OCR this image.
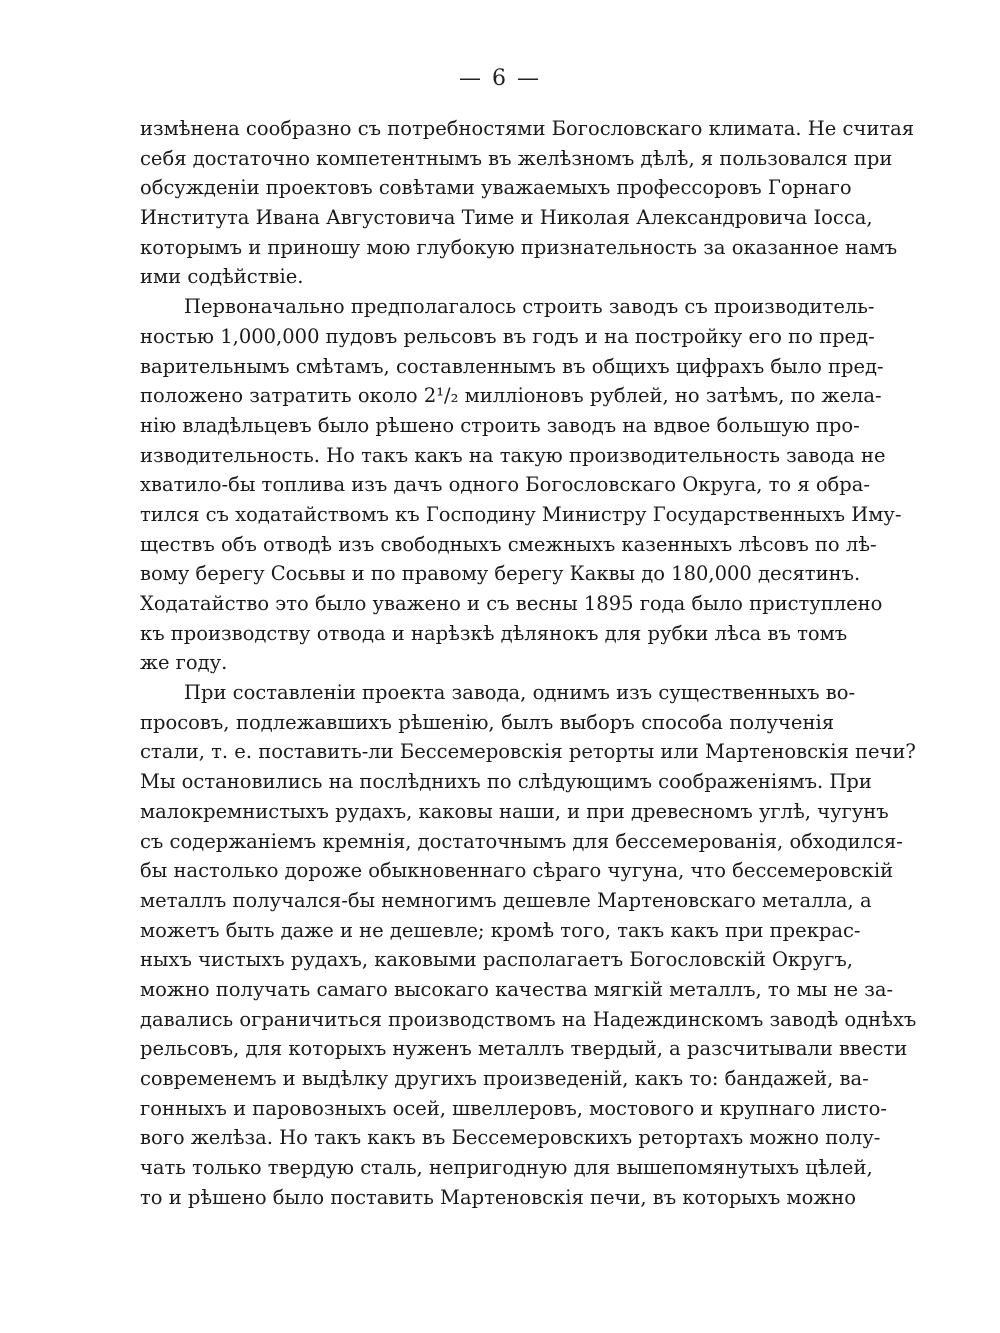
— 6 —

измѣнена сообразно съ потребностями Богословскаго климата. Не считая
себя достаточно компетентнымъ въ желѣзномъ дѣлѣ, я пользовался при
обсужденіи проектовъ совѣтами уважаемыхъ профессоровъ Горнаго
Института Ивана Августовича Тиме и Николая Александровича Іосса,
которымъ и приношу мою глубокую признательность за оказанное намъ
ими содѣйствіе.

Первоначально предполагалось строить заводъ съ производитель-
ностью 1,000,000 пудовъ рельсовъ въ годъ и на постройку его по пред-
варительнымъ смѣтамъ, составленнымъ въ общихъ цифрахъ было пред-
положено затратить около 2¹/₂ милліоновъ рублей, но затѣмъ, по жела-
нію владѣльцевъ было рѣшено строить заводъ на вдвое большую про-
изводительность. Но такъ какъ на такую производительность завода не
хватило-бы топлива изъ дачъ одного Богословскаго Округа, то я обра-
тился съ ходатайствомъ къ Господину Министру Государственныхъ Иму-
ществъ объ отводѣ изъ свободныхъ смежныхъ казенныхъ лѣсовъ по лѣ-
вому берегу Сосьвы и по правому берегу Каквы до 180,000 десятинъ.
Ходатайство это было уважено и съ весны 1895 года было приступлено
къ производству отвода и нарѣзкѣ дѣлянокъ для рубки лѣса въ томъ
же году.

При составленіи проекта завода, однимъ изъ существенныхъ во-
просовъ, подлежавшихъ рѣшенію, былъ выборъ способа полученія
стали, т. е. поставить-ли Бессемеровскія реторты или Мартеновскія печи?
Мы остановились на послѣднихъ по слѣдующимъ соображеніямъ. При
малокремнистыхъ рудахъ, каковы наши, и при древесномъ углѣ, чугунъ
съ содержаніемъ кремнія, достаточнымъ для бессемерованія, обходился-
бы настолько дороже обыкновеннаго сѣраго чугуна, что бессемеровскій
металлъ получался-бы немногимъ дешевле Мартеновскаго металла, а
можетъ быть даже и не дешевле; кромѣ того, такъ какъ при прекрас-
ныхъ чистыхъ рудахъ, каковыми располагаетъ Богословскій Округъ,
можно получать самаго высокаго качества мягкій металлъ, то мы не за-
давались ограничиться производствомъ на Надеждинскомъ заводѣ однѣхъ
рельсовъ, для которыхъ нуженъ металлъ твердый, а разсчитывали ввести
современемъ и выдѣлку другихъ произведеній, какъ то: бандажей, ва-
гонныхъ и паровозныхъ осей, швеллеровъ, мостового и крупнаго листо-
вого желѣза. Но такъ какъ въ Бессемеровскихъ ретортахъ можно полу-
чать только твердую сталь, непригодную для вышепомянутыхъ цѣлей,
то и рѣшено было поставить Мартеновскія печи, въ которыхъ можно
